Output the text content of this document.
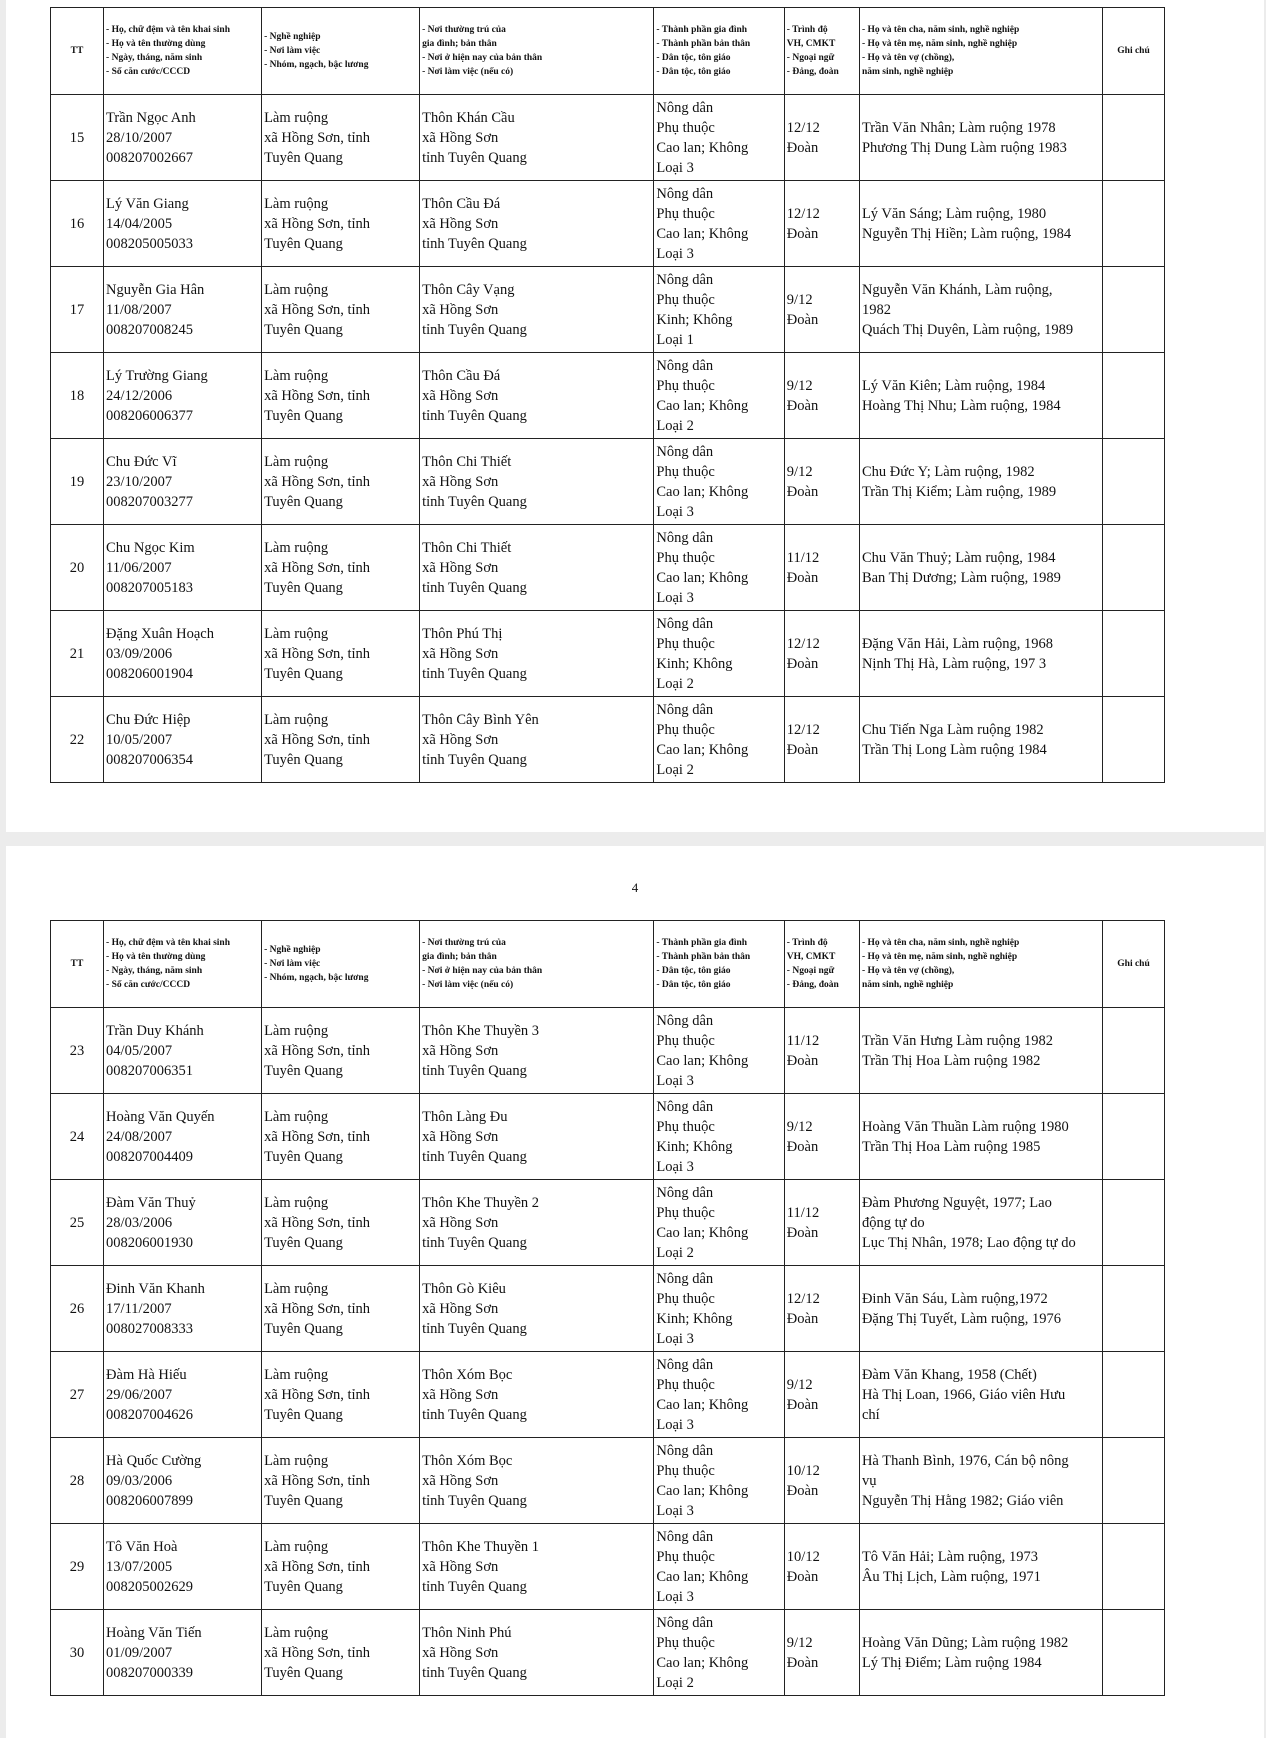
TT	- Họ, chữ đệm và tên khai sinh
- Họ và tên thường dùng
- Ngày, tháng, năm sinh
- Số căn cước/CCCD	- Nghề nghiệp
- Nơi làm việc
- Nhóm, ngạch, bậc lương	- Nơi thường trú của
gia đình; bản thân
- Nơi ở hiện nay của bản thân
- Nơi làm việc (nếu có)	- Thành phần gia đình
- Thành phần bản thân
- Dân tộc, tôn giáo
- Dân tộc, tôn giáo	- Trình độ
VH, CMKT
- Ngoại ngữ
- Đảng, đoàn	- Họ và tên cha, năm sinh, nghề nghiệp
- Họ và tên mẹ, năm sinh, nghề nghiệp
- Họ và tên vợ (chồng),
năm sinh, nghề nghiệp	Ghi chú
15	Trần Ngọc Anh
28/10/2007
008207002667	Làm ruộng
xã Hồng Sơn, tỉnh
Tuyên Quang	Thôn Khán Cầu
xã Hồng Sơn
tỉnh Tuyên Quang	Nông dân
Phụ thuộc
Cao lan; Không
Loại 3	12/12
Đoàn	Trần Văn Nhân; Làm ruộng 1978
Phương Thị Dung Làm ruộng 1983	
16	Lý Văn Giang
14/04/2005
008205005033	Làm ruộng
xã Hồng Sơn, tỉnh
Tuyên Quang	Thôn Cầu Đá
xã Hồng Sơn
tỉnh Tuyên Quang	Nông dân
Phụ thuộc
Cao lan; Không
Loại 3	12/12
Đoàn	Lý Văn Sáng; Làm ruộng, 1980
Nguyễn Thị Hiền; Làm ruộng, 1984	
17	Nguyễn Gia Hân
11/08/2007
008207008245	Làm ruộng
xã Hồng Sơn, tỉnh
Tuyên Quang	Thôn Cây Vạng
xã Hồng Sơn
tỉnh Tuyên Quang	Nông dân
Phụ thuộc
Kinh; Không
Loại 1	9/12
Đoàn	Nguyễn Văn Khánh, Làm ruộng,
1982
Quách Thị Duyên, Làm ruộng, 1989	
18	Lý Trường Giang
24/12/2006
008206006377	Làm ruộng
xã Hồng Sơn, tỉnh
Tuyên Quang	Thôn Cầu Đá
xã Hồng Sơn
tỉnh Tuyên Quang	Nông dân
Phụ thuộc
Cao lan; Không
Loại 2	9/12
Đoàn	Lý Văn Kiên; Làm ruộng, 1984
Hoàng Thị Nhu; Làm ruộng, 1984	
19	Chu Đức Vĩ
23/10/2007
008207003277	Làm ruộng
xã Hồng Sơn, tỉnh
Tuyên Quang	Thôn Chi Thiết
xã Hồng Sơn
tỉnh Tuyên Quang	Nông dân
Phụ thuộc
Cao lan; Không
Loại 3	9/12
Đoàn	Chu Đức Y; Làm ruộng, 1982
Trần Thị Kiểm; Làm ruộng, 1989	
20	Chu Ngọc Kim
11/06/2007
008207005183	Làm ruộng
xã Hồng Sơn, tỉnh
Tuyên Quang	Thôn Chi Thiết
xã Hồng Sơn
tỉnh Tuyên Quang	Nông dân
Phụ thuộc
Cao lan; Không
Loại 3	11/12
Đoàn	Chu Văn Thuỷ; Làm ruộng, 1984
Ban Thị Dương; Làm ruộng, 1989	
21	Đặng Xuân Hoạch
03/09/2006
008206001904	Làm ruộng
xã Hồng Sơn, tỉnh
Tuyên Quang	Thôn Phú Thị
xã Hồng Sơn
tỉnh Tuyên Quang	Nông dân
Phụ thuộc
Kinh; Không
Loại 2	12/12
Đoàn	Đặng Văn Hải, Làm ruộng, 1968
Nịnh Thị Hà, Làm ruộng, 197 3	
22	Chu Đức Hiệp
10/05/2007
008207006354	Làm ruộng
xã Hồng Sơn, tỉnh
Tuyên Quang	Thôn Cây Bình Yên
xã Hồng Sơn
tỉnh Tuyên Quang	Nông dân
Phụ thuộc
Cao lan; Không
Loại 2	12/12
Đoàn	Chu Tiến Nga Làm ruộng 1982
Trần Thị Long Làm ruộng 1984	
4
TT	- Họ, chữ đệm và tên khai sinh
- Họ và tên thường dùng
- Ngày, tháng, năm sinh
- Số căn cước/CCCD	- Nghề nghiệp
- Nơi làm việc
- Nhóm, ngạch, bậc lương	- Nơi thường trú của
gia đình; bản thân
- Nơi ở hiện nay của bản thân
- Nơi làm việc (nếu có)	- Thành phần gia đình
- Thành phần bản thân
- Dân tộc, tôn giáo
- Dân tộc, tôn giáo	- Trình độ
VH, CMKT
- Ngoại ngữ
- Đảng, đoàn	- Họ và tên cha, năm sinh, nghề nghiệp
- Họ và tên mẹ, năm sinh, nghề nghiệp
- Họ và tên vợ (chồng),
năm sinh, nghề nghiệp	Ghi chú
23	Trần Duy Khánh
04/05/2007
008207006351	Làm ruộng
xã Hồng Sơn, tỉnh
Tuyên Quang	Thôn Khe Thuyền 3
xã Hồng Sơn
tỉnh Tuyên Quang	Nông dân
Phụ thuộc
Cao lan; Không
Loại 3	11/12
Đoàn	Trần Văn Hưng Làm ruộng 1982
Trần Thị Hoa Làm ruộng 1982	
24	Hoàng Văn Quyến
24/08/2007
008207004409	Làm ruộng
xã Hồng Sơn, tỉnh
Tuyên Quang	Thôn Làng Đu
xã Hồng Sơn
tỉnh Tuyên Quang	Nông dân
Phụ thuộc
Kinh; Không
Loại 3	9/12
Đoàn	Hoàng Văn Thuần Làm ruộng 1980
Trần Thị Hoa Làm ruộng 1985	
25	Đàm Văn Thuỷ
28/03/2006
008206001930	Làm ruộng
xã Hồng Sơn, tỉnh
Tuyên Quang	Thôn Khe Thuyền 2
xã Hồng Sơn
tỉnh Tuyên Quang	Nông dân
Phụ thuộc
Cao lan; Không
Loại 2	11/12
Đoàn	Đàm Phương Nguyệt, 1977; Lao
động tự do
Lục Thị Nhân, 1978; Lao động tự do	
26	Đinh Văn Khanh
17/11/2007
008027008333	Làm ruộng
xã Hồng Sơn, tỉnh
Tuyên Quang	Thôn Gò Kiêu
xã Hồng Sơn
tỉnh Tuyên Quang	Nông dân
Phụ thuộc
Kinh; Không
Loại 3	12/12
Đoàn	Đinh Văn Sáu, Làm ruộng,1972
Đặng Thị Tuyết, Làm ruộng, 1976	
27	Đàm Hà Hiếu
29/06/2007
008207004626	Làm ruộng
xã Hồng Sơn, tỉnh
Tuyên Quang	Thôn Xóm Bọc
xã Hồng Sơn
tỉnh Tuyên Quang	Nông dân
Phụ thuộc
Cao lan; Không
Loại 3	9/12
Đoàn	Đàm Văn Khang, 1958 (Chết)
Hà Thị Loan, 1966, Giáo viên Hưu
chí	
28	Hà Quốc Cường
09/03/2006
008206007899	Làm ruộng
xã Hồng Sơn, tỉnh
Tuyên Quang	Thôn Xóm Bọc
xã Hồng Sơn
tỉnh Tuyên Quang	Nông dân
Phụ thuộc
Cao lan; Không
Loại 3	10/12
Đoàn	Hà Thanh Bình, 1976, Cán bộ nông
vụ
Nguyễn Thị Hằng 1982; Giáo viên	
29	Tô Văn Hoà
13/07/2005
008205002629	Làm ruộng
xã Hồng Sơn, tỉnh
Tuyên Quang	Thôn Khe Thuyền 1
xã Hồng Sơn
tỉnh Tuyên Quang	Nông dân
Phụ thuộc
Cao lan; Không
Loại 3	10/12
Đoàn	Tô Văn Hải; Làm ruộng, 1973
Âu Thị Lịch, Làm ruộng, 1971	
30	Hoàng Văn Tiến
01/09/2007
008207000339	Làm ruộng
xã Hồng Sơn, tỉnh
Tuyên Quang	Thôn Ninh Phú
xã Hồng Sơn
tỉnh Tuyên Quang	Nông dân
Phụ thuộc
Cao lan; Không
Loại 2	9/12
Đoàn	Hoàng Văn Dũng; Làm ruộng 1982
Lý Thị Điểm; Làm ruộng 1984	
